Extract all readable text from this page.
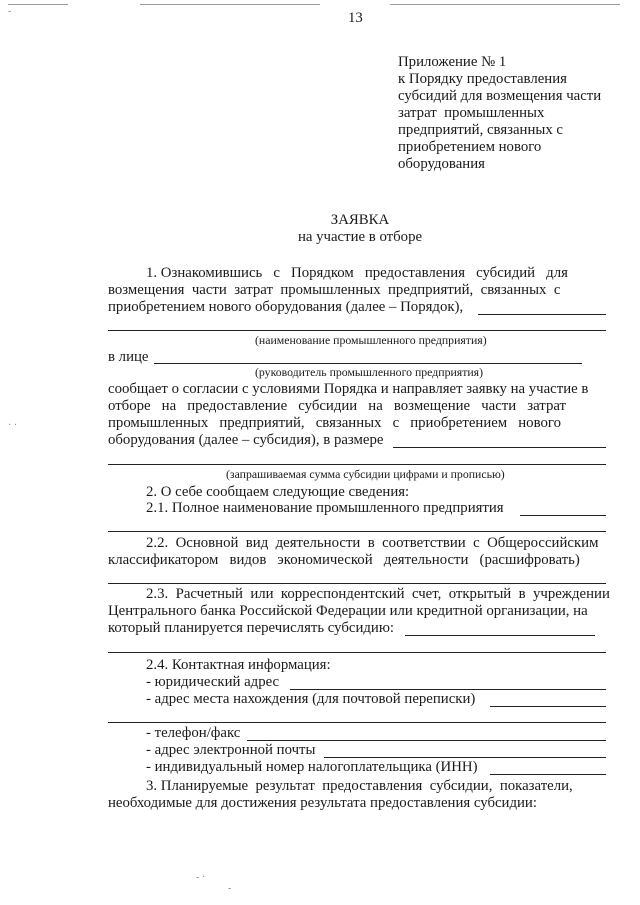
13
Приложение № 1
к Порядку предоставления
субсидий для возмещения части
затрат  промышленных
предприятий, связанных с
приобретением нового
оборудования
ЗАЯВКА
на участие в отборе
1. Ознакомившись   с   Порядком   предоставления   субсидий   для
возмещения  части  затрат  промышленных  предприятий,  связанных  с
приобретением нового оборудования (далее – Порядок),
(наименование промышленного предприятия)
в лице
(руководитель промышленного предприятия)
сообщает о согласии с условиями Порядка и направляет заявку на участие в
отборе   на   предоставление   субсидии   на   возмещение   части   затрат
промышленных   предприятий,   связанных   с   приобретением   нового
оборудования (далее – субсидия), в размере
(запрашиваемая сумма субсидии цифрами и прописью)
2. О себе сообщаем следующие сведения:
2.1. Полное наименование промышленного предприятия
2.2.  Основной  вид  деятельности  в  соответствии  с  Общероссийским
классификатором   видов   экономической   деятельности   (расшифровать)
2.3.  Расчетный  или  корреспондентский  счет,  открытый  в  учреждении
Центрального банка Российской Федерации или кредитной организации, на
который планируется перечислять субсидию:
2.4. Контактная информация:
- юридический адрес
- адрес места нахождения (для почтовой переписки)
- телефон/факс
- адрес электронной почты
- индивидуальный номер налогоплательщика (ИНН)
3. Планируемые  результат  предоставления  субсидии,  показатели,
необходимые для достижения результата предоставления субсидии:
· ·
‐ ·
‐
‐
